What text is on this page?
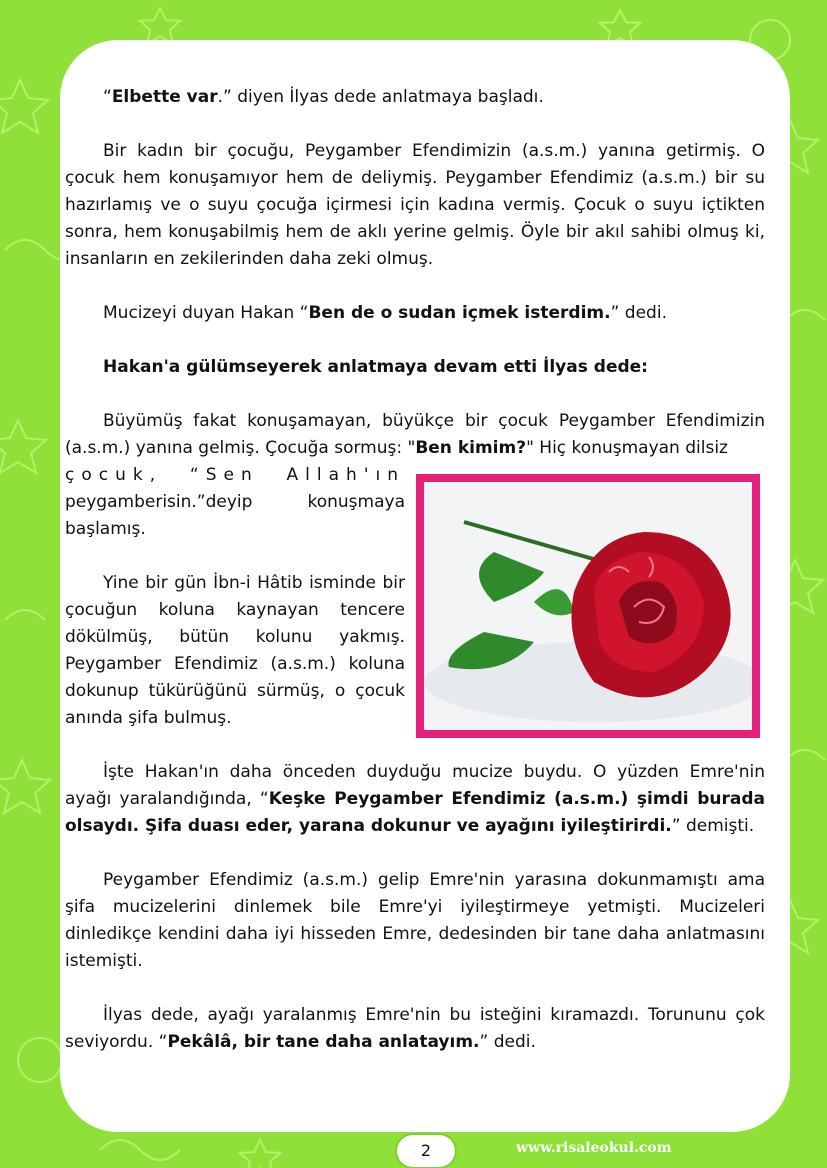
“Elbette var.” diyen İlyas dede anlatmaya başladı.

Bir kadın bir çocuğu, Peygamber Efendimizin (a.s.m.) yanına getirmiş. O çocuk hem konuşamıyor hem de deliymiş. Peygamber Efendimiz (a.s.m.) bir su hazırlamış ve o suyu çocuğa içirmesi için kadına vermiş. Çocuk o suyu içtikten sonra, hem konuşabilmiş hem de aklı yerine gelmiş. Öyle bir akıl sahibi olmuş ki, insanların en zekilerinden daha zeki olmuş.

Mucizeyi duyan Hakan “Ben de o sudan içmek isterdim.” dedi.

Hakan'a gülümseyerek anlatmaya devam etti İlyas dede:

Büyümüş fakat konuşamayan, büyükçe bir çocuk Peygamber Efendimizin (a.s.m.) yanına gelmiş. Çocuğa sormuş: "Ben kimim?" Hiç konuşmayan dilsiz

çocuk, “Sen Allah'ın

peygamberisin.”deyip konuşmaya başlamış.

Yine bir gün İbn-i Hâtib isminde bir çocuğun koluna kaynayan tencere dökülmüş, bütün kolunu yakmış. Peygamber Efendimiz (a.s.m.) koluna dokunup tükürüğünü sürmüş, o çocuk anında şifa bulmuş.

İşte Hakan'ın daha önceden duyduğu mucize buydu. O yüzden Emre'nin ayağı yaralandığında, “Keşke Peygamber Efendimiz (a.s.m.) şimdi burada olsaydı. Şifa duası eder, yarana dokunur ve ayağını iyileştirirdi.” demişti.

Peygamber Efendimiz (a.s.m.) gelip Emre'nin yarasına dokunmamıştı ama şifa mucizelerini dinlemek bile Emre'yi iyileştirmeye yetmişti. Mucizeleri dinledikçe kendini daha iyi hisseden Emre, dedesinden bir tane daha anlatmasını istemişti.

İlyas dede, ayağı yaralanmış Emre'nin bu isteğini kıramazdı. Torununu çok seviyordu. “Pekâlâ, bir tane daha anlatayım.” dedi.

2	www.risaleokul.com
